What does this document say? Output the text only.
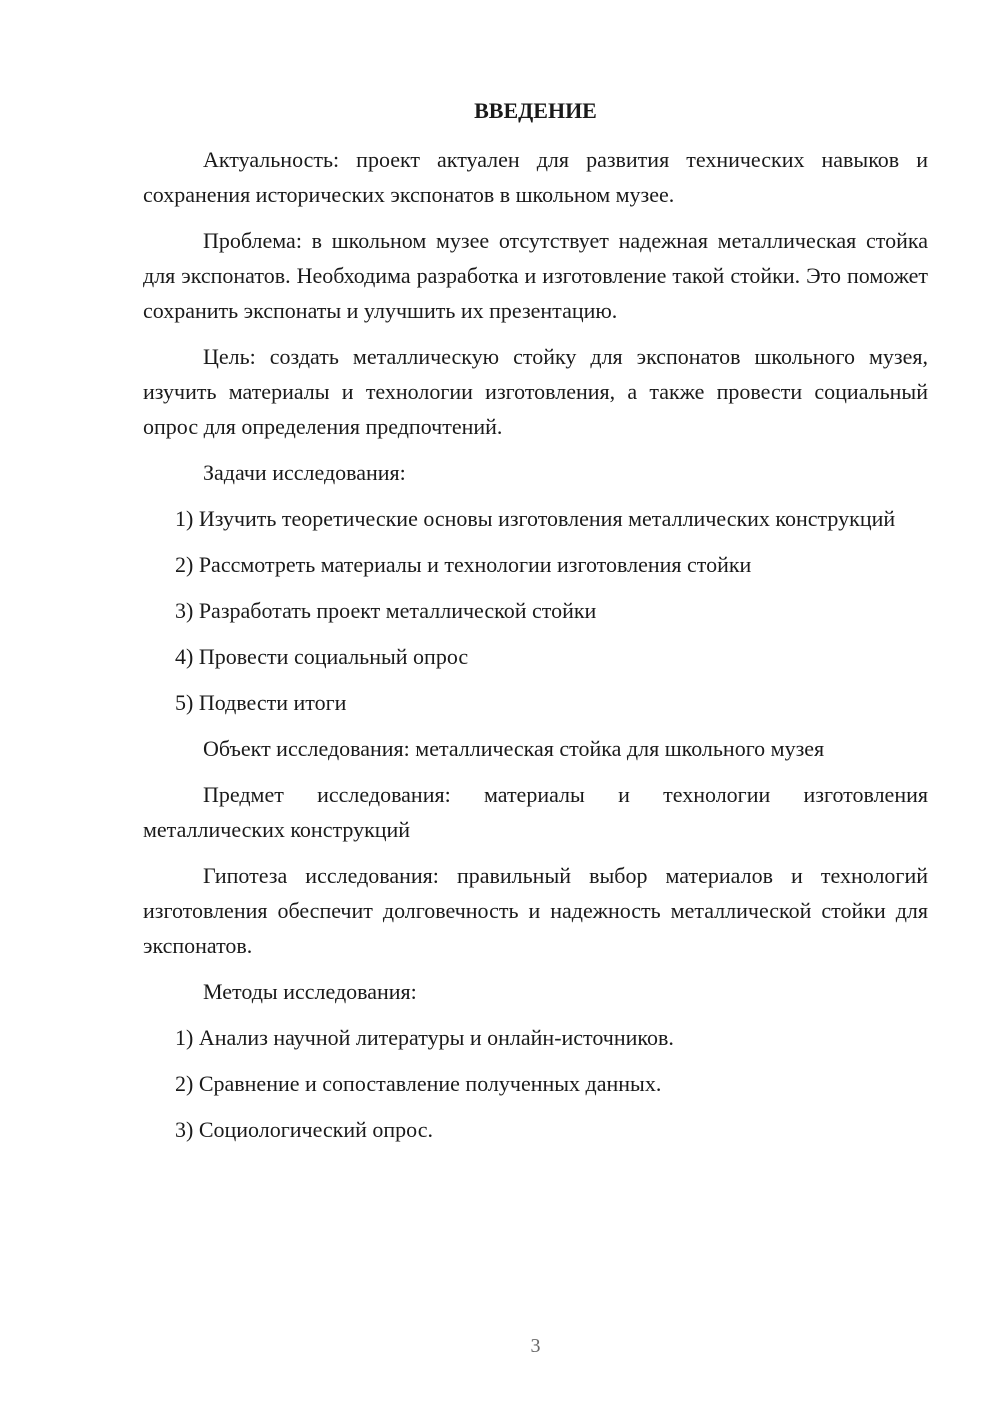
ВВЕДЕНИЕ

Актуальность: проект актуален для развития технических навыков и сохранения исторических экспонатов в школьном музее.

Проблема: в школьном музее отсутствует надежная металлическая стойка для экспонатов. Необходима разработка и изготовление такой стойки. Это поможет сохранить экспонаты и улучшить их презентацию.

Цель: создать металлическую стойку для экспонатов школьного музея, изучить материалы и технологии изготовления, а также провести социальный опрос для определения предпочтений.

Задачи исследования:

1) Изучить теоретические основы изготовления металлических конструкций

2) Рассмотреть материалы и технологии изготовления стойки

3) Разработать проект металлической стойки

4) Провести социальный опрос

5) Подвести итоги

Объект исследования: металлическая стойка для школьного музея

Предмет исследования: материалы и технологии изготовления металлических конструкций

Гипотеза исследования: правильный выбор материалов и технологий изготовления обеспечит долговечность и надежность металлической стойки для экспонатов.

Методы исследования:

1) Анализ научной литературы и онлайн-источников.

2) Сравнение и сопоставление полученных данных.

3) Социологический опрос.

3
